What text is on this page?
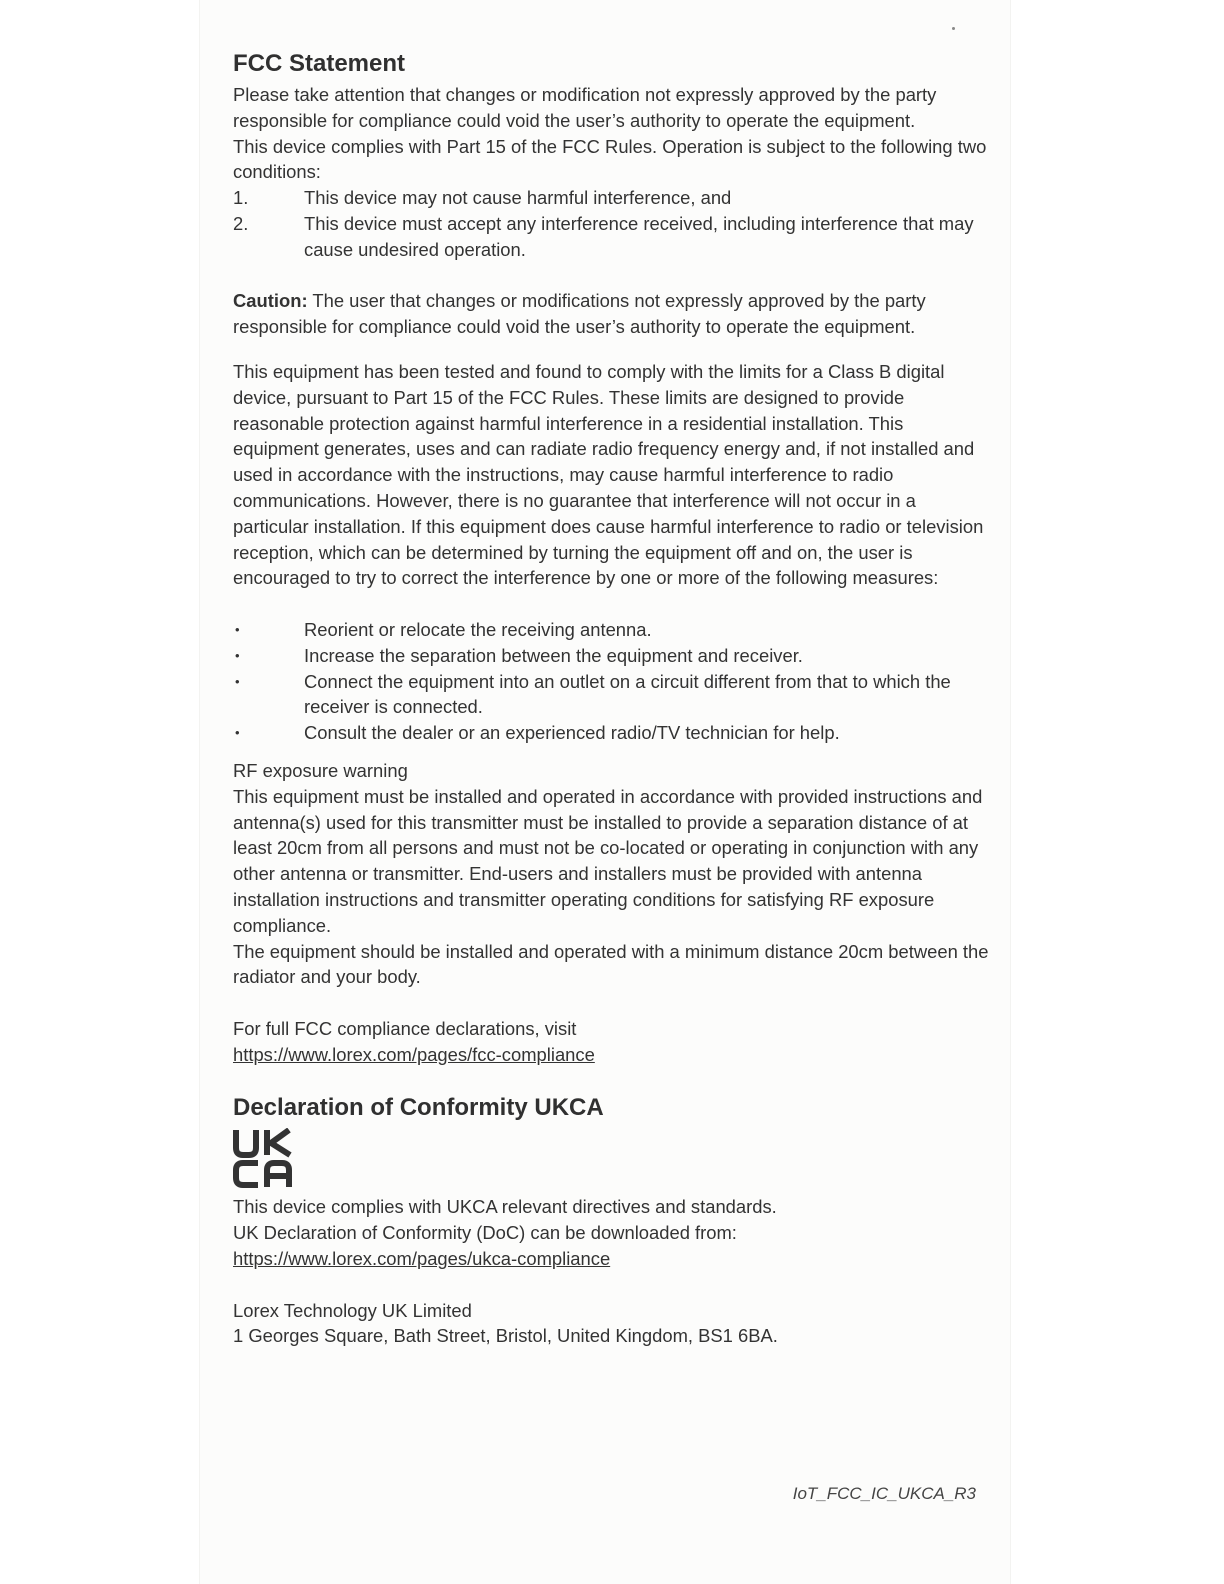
FCC Statement

Please take attention that changes or modification not expressly approved by the party responsible for compliance could void the user’s authority to operate the equipment.

This device complies with Part 15 of the FCC Rules. Operation is subject to the following two conditions:

1.	This device may not cause harmful interference, and
2.	This device must accept any interference received, including interference that may cause undesired operation.

Caution: The user that changes or modifications not expressly approved by the party responsible for compliance could void the user’s authority to operate the equipment.

This equipment has been tested and found to comply with the limits for a Class B digital device, pursuant to Part 15 of the FCC Rules. These limits are designed to provide reasonable protection against harmful interference in a residential installation. This equipment generates, uses and can radiate radio frequency energy and, if not installed and used in accordance with the instructions, may cause harmful interference to radio communications. However, there is no guarantee that interference will not occur in a particular installation. If this equipment does cause harmful interference to radio or television reception, which can be determined by turning the equipment off and on, the user is encouraged to try to correct the interference by one or more of the following measures:

•	Reorient or relocate the receiving antenna.
•	Increase the separation between the equipment and receiver.
•	Connect the equipment into an outlet on a circuit different from that to which the receiver is connected.
•	Consult the dealer or an experienced radio/TV technician for help.

RF exposure warning

This equipment must be installed and operated in accordance with provided instructions and antenna(s) used for this transmitter must be installed to provide a separation distance of at least 20cm from all persons and must not be co-located or operating in conjunction with any other antenna or transmitter. End-users and installers must be provided with antenna installation instructions and transmitter operating conditions for satisfying RF exposure compliance.

The equipment should be installed and operated with a minimum distance 20cm between the radiator and your body.

For full FCC compliance declarations, visit

https://www.lorex.com/pages/fcc-compliance

Declaration of Conformity UKCA

This device complies with UKCA relevant directives and standards.

UK Declaration of Conformity (DoC) can be downloaded from:

https://www.lorex.com/pages/ukca-compliance

Lorex Technology UK Limited

1 Georges Square, Bath Street, Bristol, United Kingdom, BS1 6BA.

IoT_FCC_IC_UKCA_R3
